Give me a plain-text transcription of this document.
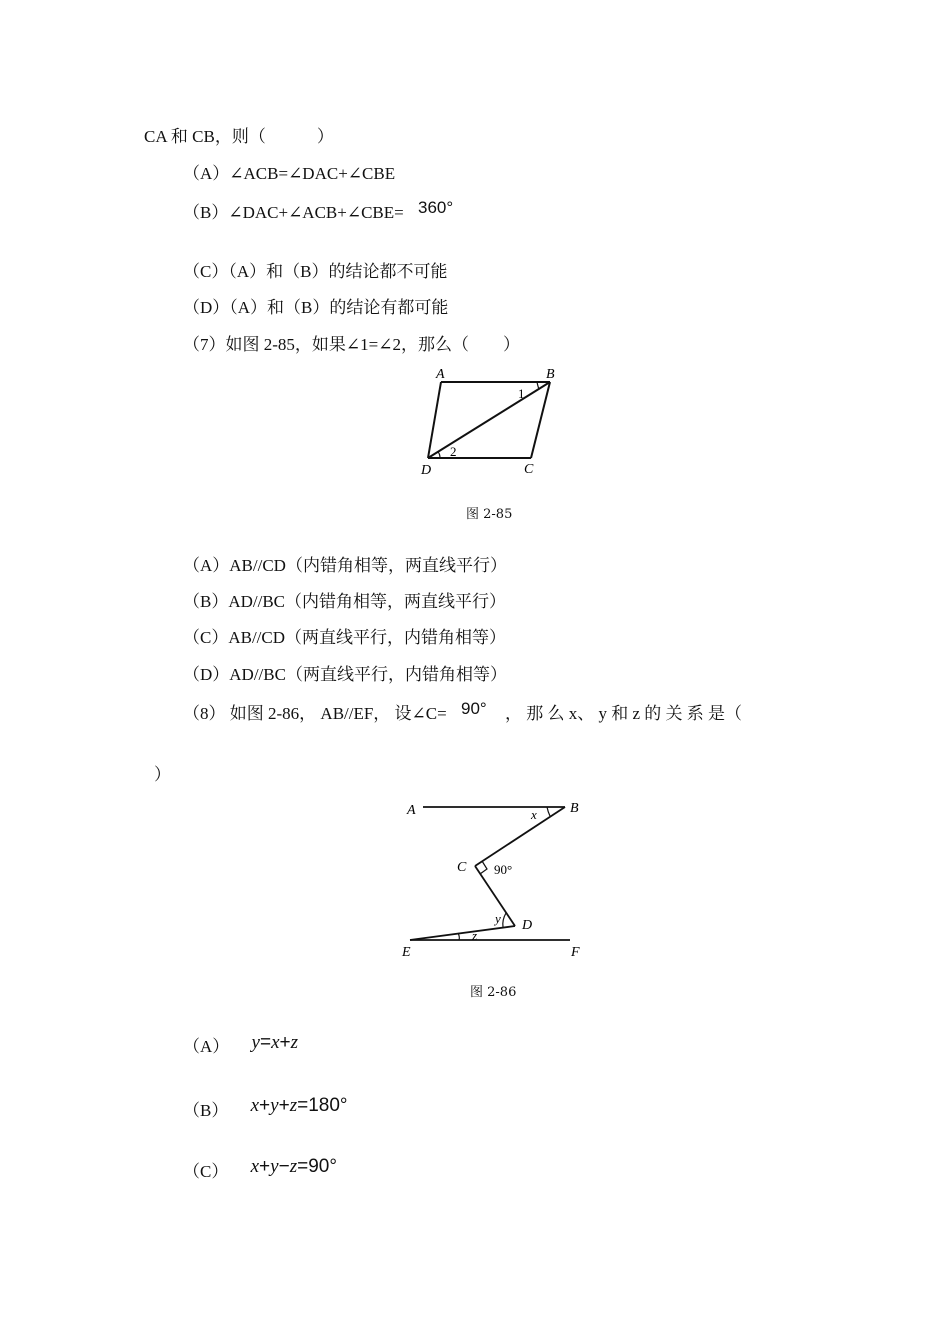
CA 和 CB，则（　　　）
（A）∠ACB=∠DAC+∠CBE
（B）∠DAC+∠ACB+∠CBE= 360°
（C）（A）和（B）的结论都不可能
（D）（A）和（B）的结论有都可能
（7）如图 2-85，如果∠1=∠2，那么（　　）
A	B
C
D
1
2
图 2-85
（A）AB//CD（内错角相等，两直线平行）
（B）AD//BC（内错角相等，两直线平行）
（C）AB//CD（两直线平行，内错角相等）
（D）AD//BC（两直线平行，内错角相等）
（8） 如图 2-86， AB//EF， 设∠C= 90° ， 那 么 x、 y 和 z 的 关 系 是（
）
A	B
C
D
E	F
x
y
z
90°
图 2-86
（A） y=x+z
（B） x+y+z=180°
（C） x+y−z=90°
